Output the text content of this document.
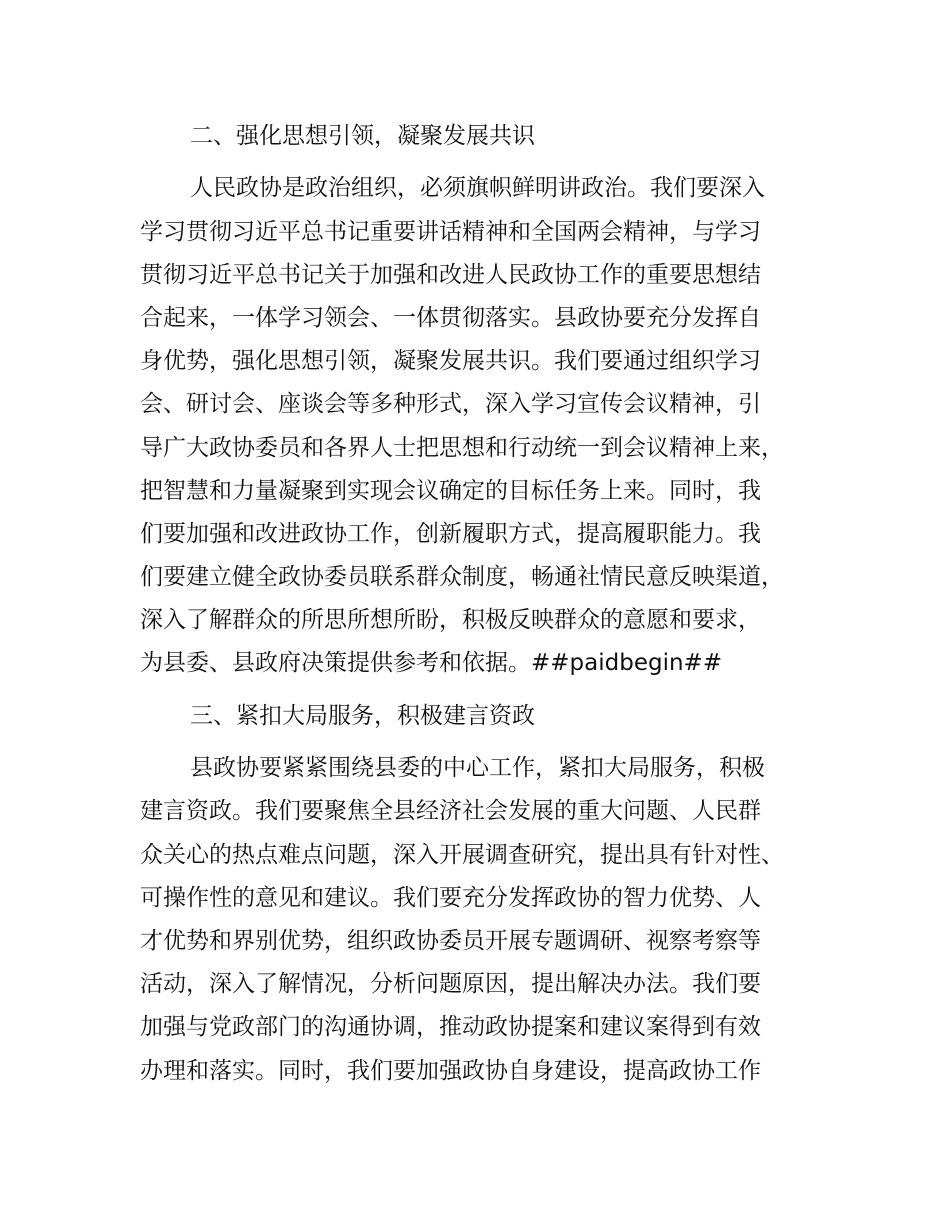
二、强化思想引领，凝聚发展共识

人民政协是政治组织，必须旗帜鲜明讲政治。我们要深入

学习贯彻习近平总书记重要讲话精神和全国两会精神，与学习

贯彻习近平总书记关于加强和改进人民政协工作的重要思想结

合起来，一体学习领会、一体贯彻落实。县政协要充分发挥自

身优势，强化思想引领，凝聚发展共识。我们要通过组织学习

会、研讨会、座谈会等多种形式，深入学习宣传会议精神，引

导广大政协委员和各界人士把思想和行动统一到会议精神上来，

把智慧和力量凝聚到实现会议确定的目标任务上来。同时，我

们要加强和改进政协工作，创新履职方式，提高履职能力。我

们要建立健全政协委员联系群众制度，畅通社情民意反映渠道，

深入了解群众的所思所想所盼，积极反映群众的意愿和要求，

为县委、县政府决策提供参考和依据。##paidbegin##

三、紧扣大局服务，积极建言资政

县政协要紧紧围绕县委的中心工作，紧扣大局服务，积极

建言资政。我们要聚焦全县经济社会发展的重大问题、人民群

众关心的热点难点问题，深入开展调查研究，提出具有针对性、

可操作性的意见和建议。我们要充分发挥政协的智力优势、人

才优势和界别优势，组织政协委员开展专题调研、视察考察等

活动，深入了解情况，分析问题原因，提出解决办法。我们要

加强与党政部门的沟通协调，推动政协提案和建议案得到有效

办理和落实。同时，我们要加强政协自身建设，提高政协工作
